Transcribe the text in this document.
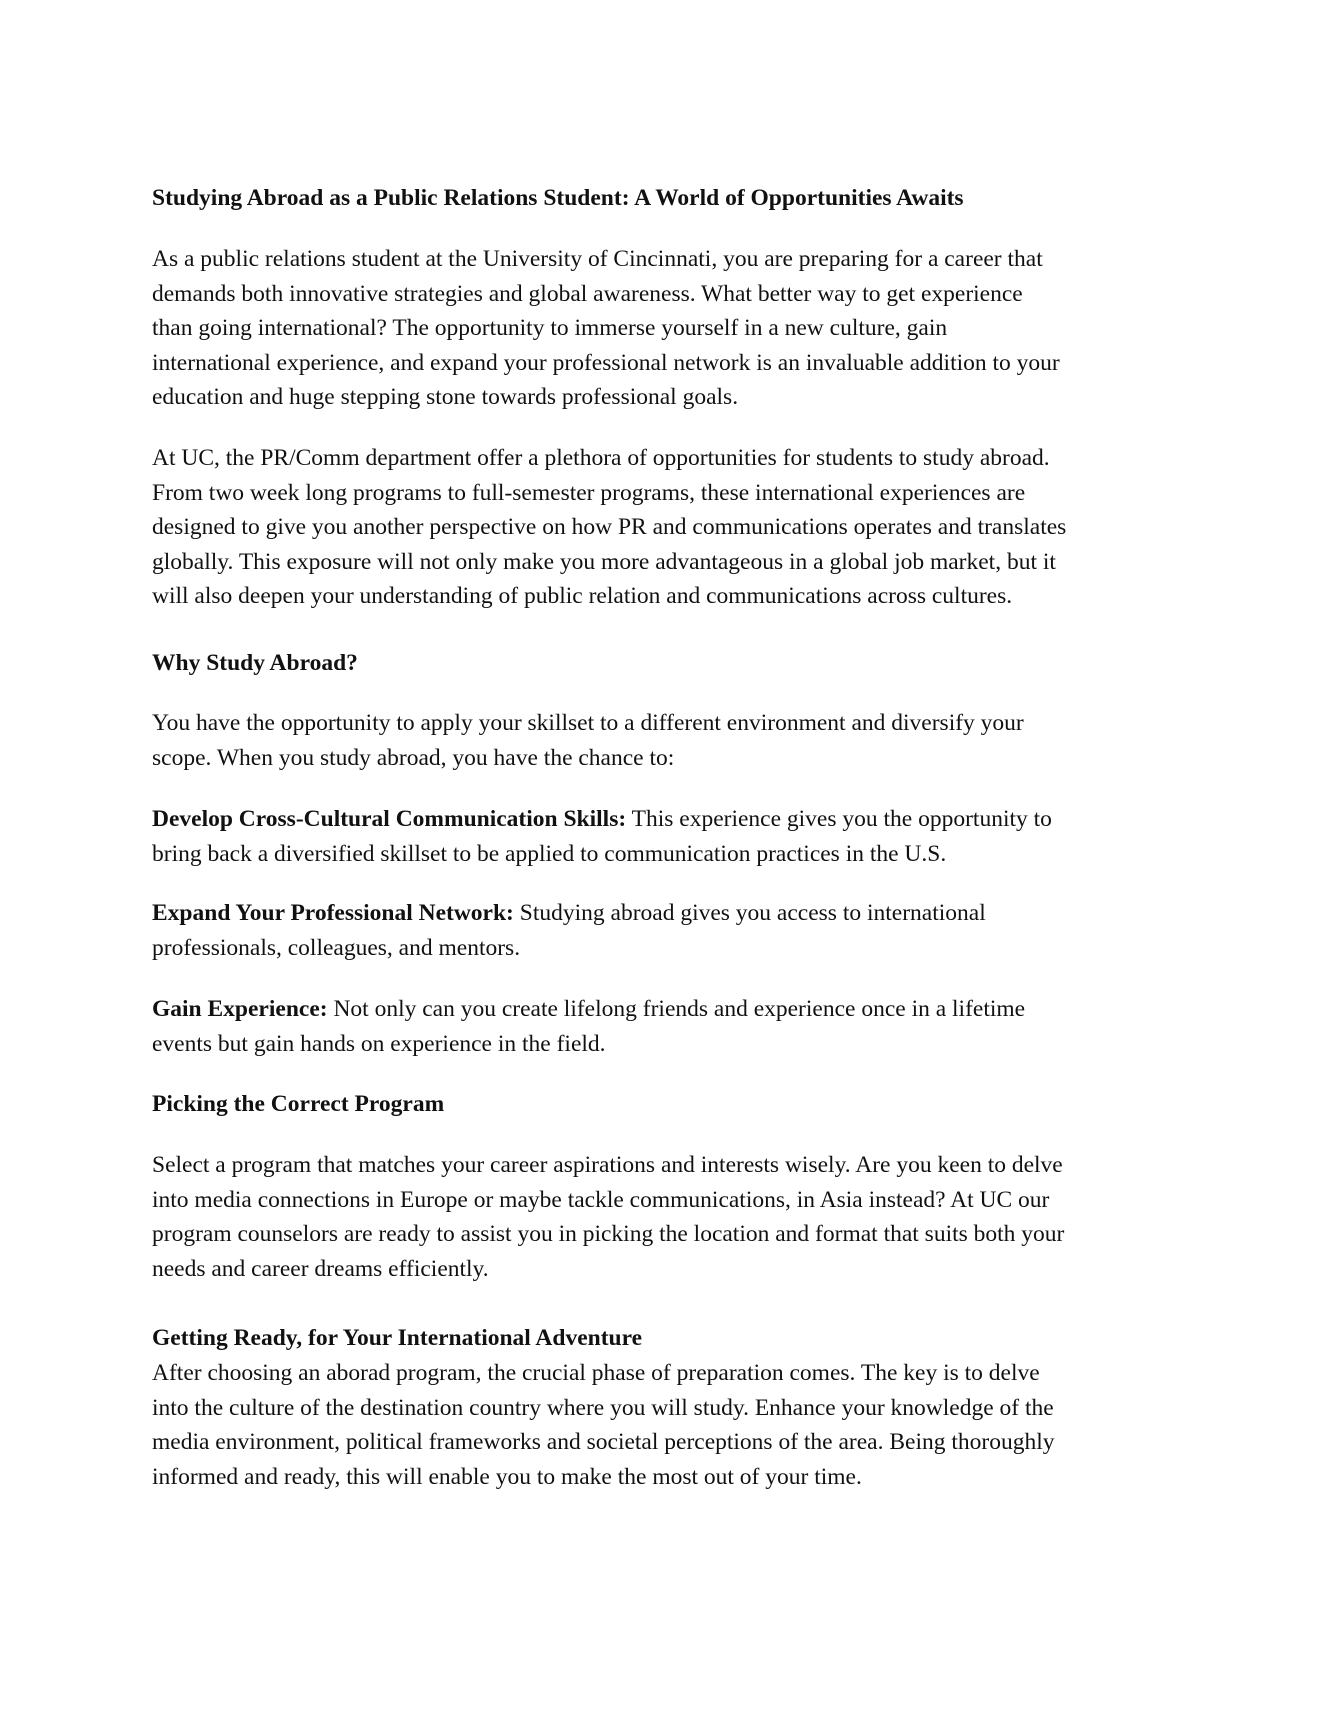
Studying Abroad as a Public Relations Student: A World of Opportunities Awaits
As a public relations student at the University of Cincinnati, you are preparing for a career that
demands both innovative strategies and global awareness. What better way to get experience
than going international? The opportunity to immerse yourself in a new culture, gain
international experience, and expand your professional network is an invaluable addition to your
education and huge stepping stone towards professional goals.
At UC, the PR/Comm department offer a plethora of opportunities for students to study abroad.
From two week long programs to full-semester programs, these international experiences are
designed to give you another perspective on how PR and communications operates and translates
globally. This exposure will not only make you more advantageous in a global job market, but it
will also deepen your understanding of public relation and communications across cultures.
Why Study Abroad?
You have the opportunity to apply your skillset to a different environment and diversify your
scope. When you study abroad, you have the chance to:
Develop Cross-Cultural Communication Skills: This experience gives you the opportunity to
bring back a diversified skillset to be applied to communication practices in the U.S.
Expand Your Professional Network: Studying abroad gives you access to international
professionals, colleagues, and mentors.
Gain Experience: Not only can you create lifelong friends and experience once in a lifetime
events but gain hands on experience in the field.
Picking the Correct Program
Select a program that matches your career aspirations and interests wisely. Are you keen to delve
into media connections in Europe or maybe tackle communications, in Asia instead? At UC our
program counselors are ready to assist you in picking the location and format that suits both your
needs and career dreams efficiently.
Getting Ready, for Your International Adventure
After choosing an aborad program, the crucial phase of preparation comes. The key is to delve
into the culture of the destination country where you will study. Enhance your knowledge of the
media environment, political frameworks and societal perceptions of the area. Being thoroughly
informed and ready, this will enable you to make the most out of your time.
